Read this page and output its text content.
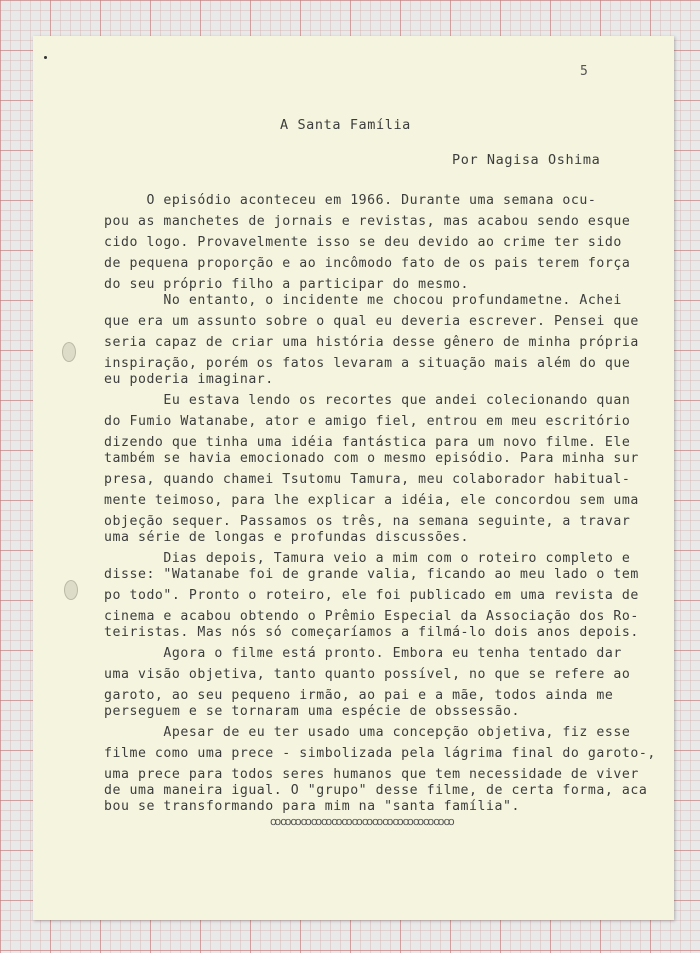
5
A Santa Família
Por Nagisa Oshima
O episódio aconteceu em 1966. Durante uma semana ocu-
pou as manchetes de jornais e revistas, mas acabou sendo esque
cido logo. Provavelmente isso se deu devido ao crime ter sido
de pequena proporção e ao incômodo fato de os pais terem força
do seu próprio filho a participar do mesmo.
No entanto, o incidente me chocou profundametne. Achei
que era um assunto sobre o qual eu deveria escrever. Pensei que
seria capaz de criar uma história desse gênero de minha própria
inspiração, porém os fatos levaram a situação mais além do que
eu poderia imaginar.
Eu estava lendo os recortes que andei colecionando quan
do Fumio Watanabe, ator e amigo fiel, entrou em meu escritório
dizendo que tinha uma idéia fantástica para um novo filme. Ele
também se havia emocionado com o mesmo episódio. Para minha sur
presa, quando chamei Tsutomu Tamura, meu colaborador habitual-
mente teimoso, para lhe explicar a idéia, ele concordou sem uma
objeção sequer. Passamos os três, na semana seguinte, a travar
uma série de longas e profundas discussões.
Dias depois, Tamura veio a mim com o roteiro completo e
disse: "Watanabe foi de grande valia, ficando ao meu lado o tem
po todo". Pronto o roteiro, ele foi publicado em uma revista de
cinema e acabou obtendo o Prêmio Especial da Associação dos Ro-
teiristas. Mas nós só começaríamos a filmá-lo dois anos depois.
Agora o filme está pronto. Embora eu tenha tentado dar
uma visão objetiva, tanto quanto possível, no que se refere ao
garoto, ao seu pequeno irmão, ao pai e a mãe, todos ainda me
perseguem e se tornaram uma espécie de obssessão.
Apesar de eu ter usado uma concepção objetiva, fiz esse
filme como uma prece - simbolizada pela lágrima final do garoto-,
uma prece para todos seres humanos que tem necessidade de viver
de uma maneira igual. O "grupo" desse filme, de certa forma, aca
bou se transformando para mim na "santa família".
ꝏꝏꝏꝏꝏꝏꝏꝏꝏꝏꝏꝏꝏꝏꝏꝏꝏꝏ
